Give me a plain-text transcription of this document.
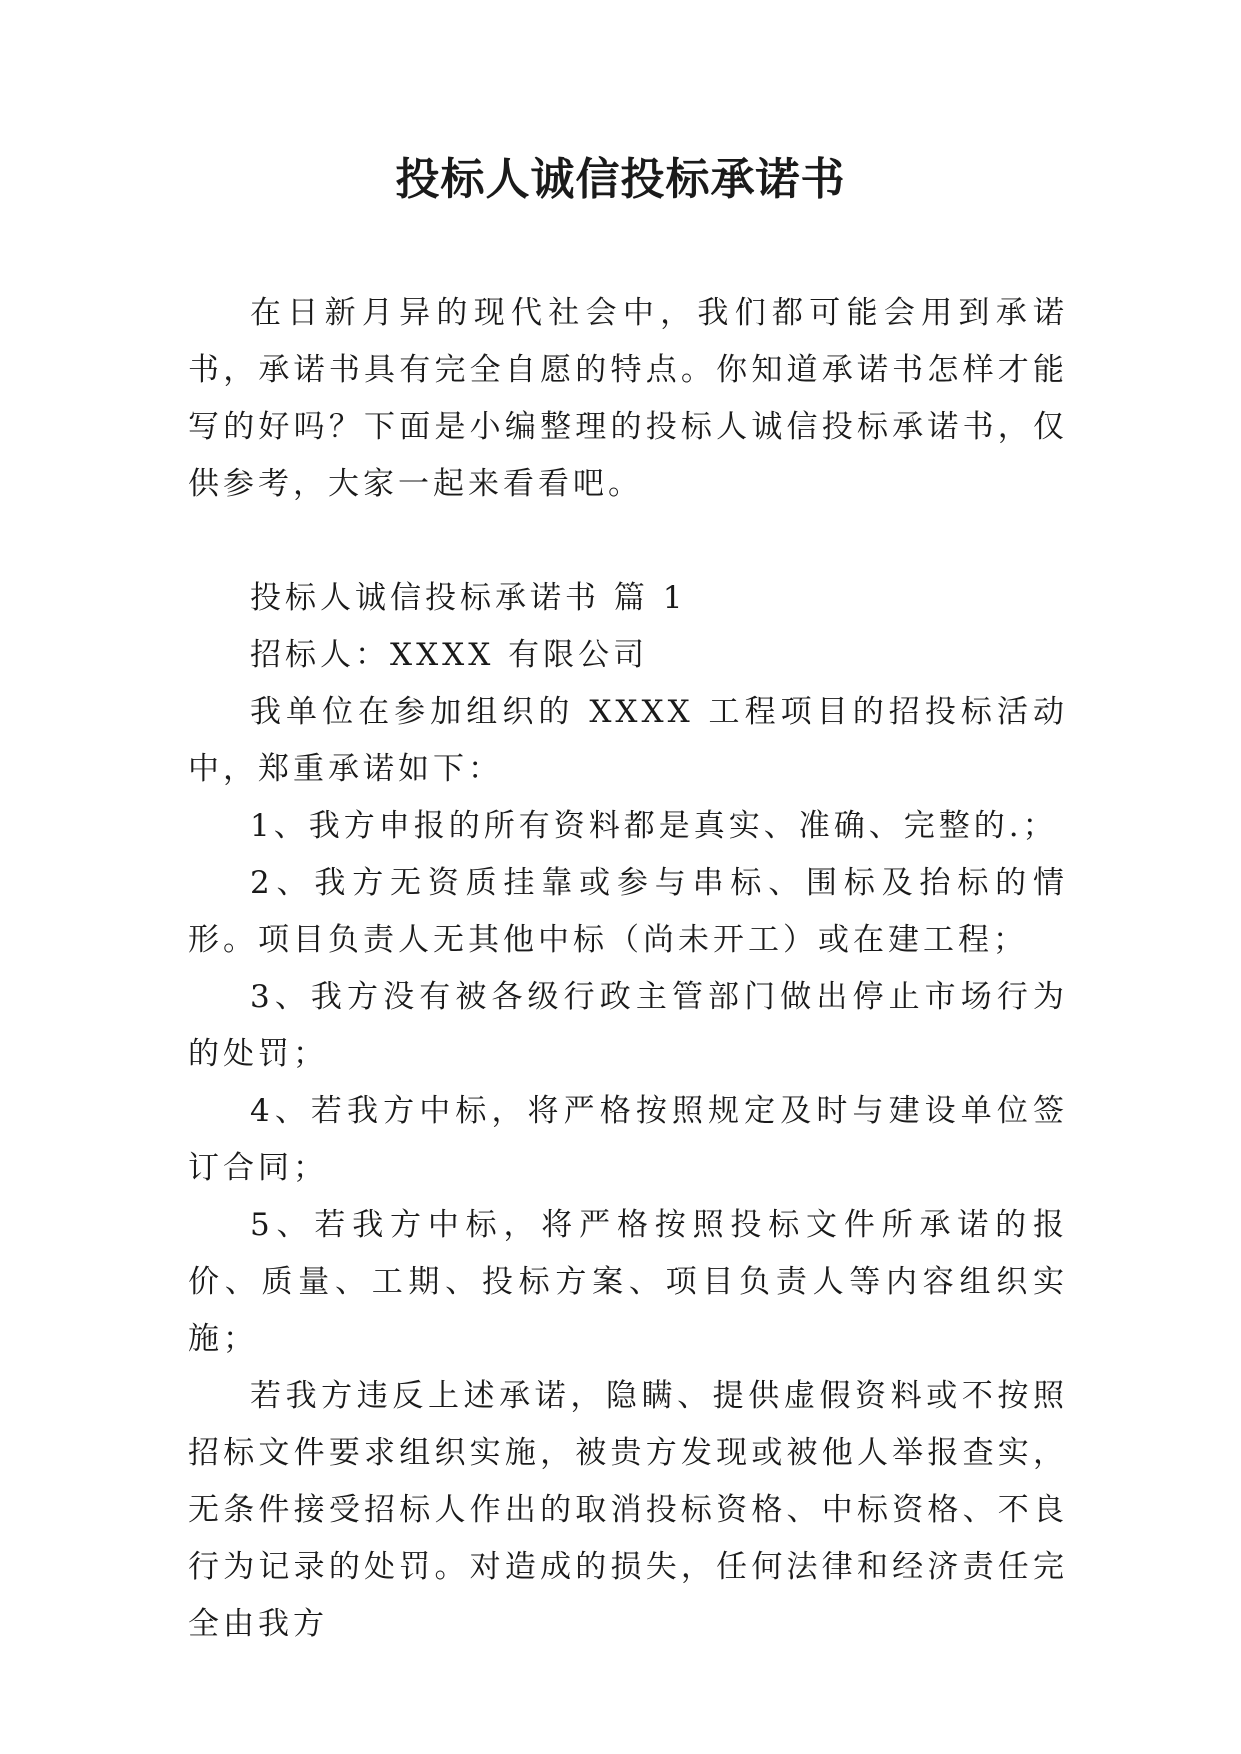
投标人诚信投标承诺书

在日新月异的现代社会中，我们都可能会用到承诺书，承诺书具有完全自愿的特点。你知道承诺书怎样才能写的好吗？下面是小编整理的投标人诚信投标承诺书，仅供参考，大家一起来看看吧。

投标人诚信投标承诺书 篇 1

招标人：XXXX 有限公司

我单位在参加组织的 XXXX 工程项目的招投标活动中，郑重承诺如下：

1、我方申报的所有资料都是真实、准确、完整的.；

2、我方无资质挂靠或参与串标、围标及抬标的情形。项目负责人无其他中标（尚未开工）或在建工程；

3、我方没有被各级行政主管部门做出停止市场行为的处罚；

4、若我方中标，将严格按照规定及时与建设单位签订合同；

5、若我方中标，将严格按照投标文件所承诺的报价、质量、工期、投标方案、项目负责人等内容组织实施；

若我方违反上述承诺，隐瞒、提供虚假资料或不按照招标文件要求组织实施，被贵方发现或被他人举报查实，无条件接受招标人作出的取消投标资格、中标资格、不良行为记录的处罚。对造成的损失，任何法律和经济责任完全由我方
